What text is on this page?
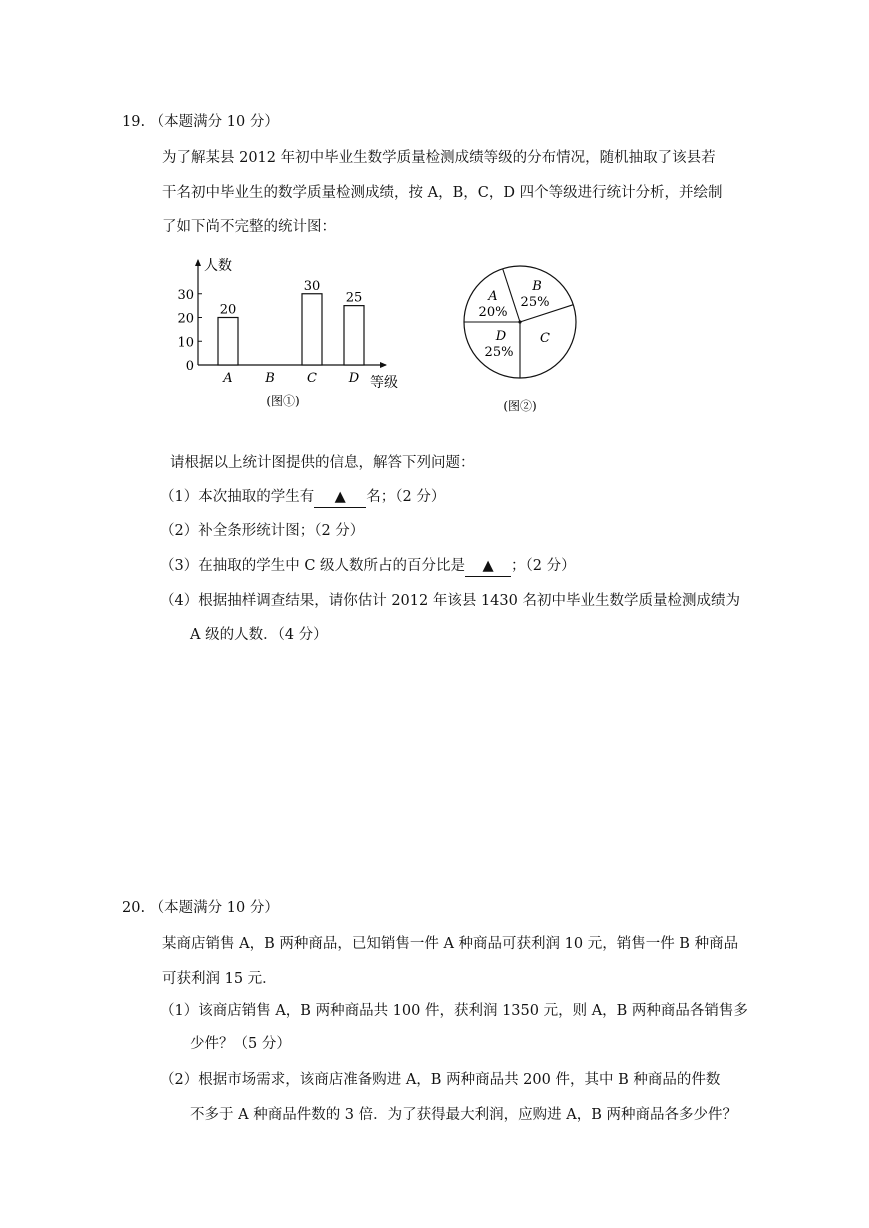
19. （本题满分 10 分）
为了解某县 2012 年初中毕业生数学质量检测成绩等级的分布情况，随机抽取了该县若
干名初中毕业生的数学质量检测成绩，按 A，B，C，D 四个等级进行统计分析，并绘制
了如下尚不完整的统计图：
人数
等级
0
10
20
30
A
20
B C
30
D
25
(图①)
A
20%
B
25%
C
D
25%
(图②)
请根据以上统计图提供的信息，解答下列问题：
（1）本次抽取的学生有 ▲ 名；（2 分）
（2）补全条形统计图；（2 分）
（3）在抽取的学生中 C 级人数所占的百分比是 ▲ ；（2 分）
（4）根据抽样调查结果，请你估计 2012 年该县 1430 名初中毕业生数学质量检测成绩为
A 级的人数．（4 分）
20. （本题满分 10 分）
某商店销售 A，B 两种商品，已知销售一件 A 种商品可获利润 10 元，销售一件 B 种商品
可获利润 15 元．
（1）该商店销售 A，B 两种商品共 100 件，获利润 1350 元，则 A，B 两种商品各销售多
少件？（5 分）
（2）根据市场需求，该商店准备购进 A，B 两种商品共 200 件，其中 B 种商品的件数
不多于 A 种商品件数的 3 倍．为了获得最大利润，应购进 A，B 两种商品各多少件？
